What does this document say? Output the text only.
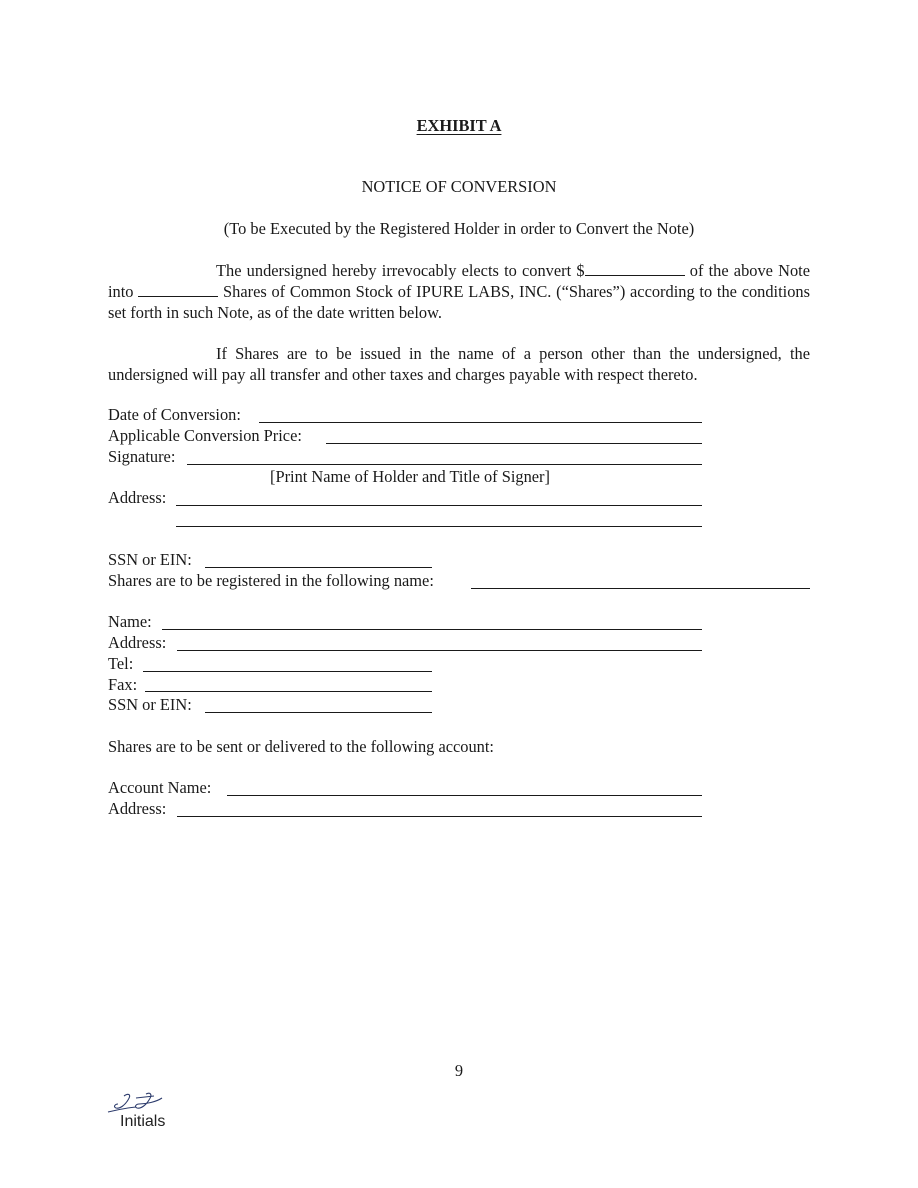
EXHIBIT A
NOTICE OF CONVERSION
(To be Executed by the Registered Holder in order to Convert the Note)
The undersigned hereby irrevocably elects to convert $	of the above Note into	Shares of Common Stock of IPURE LABS, INC. (“Shares”) according to the conditions set forth in such Note, as of the date written below.
If Shares are to be issued in the name of a person other than the undersigned, the undersigned will pay all transfer and other taxes and charges payable with respect thereto.
Date of Conversion:
Applicable Conversion Price:
Signature:
[Print Name of Holder and Title of Signer]
Address:
SSN or EIN:
Shares are to be registered in the following name:
Name:
Address:
Tel:
Fax:
SSN or EIN:
Shares are to be sent or delivered to the following account:
Account Name:
Address:
9
Initials
